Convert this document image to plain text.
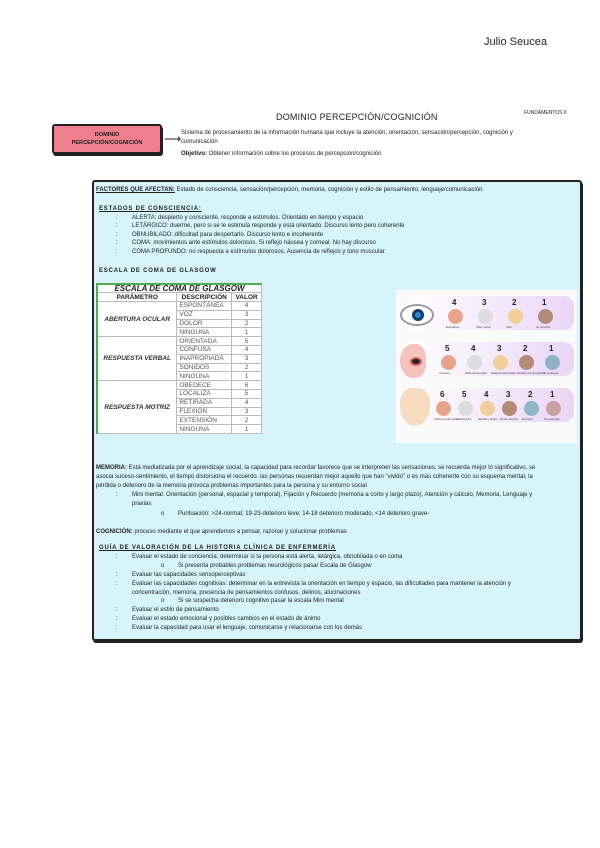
Julio Seucea
DOMINIO PERCEPCIÓN/COGNICIÓN	FUNDAMENTOS II
DOMINIO
PERCEPCIÓN/COGNICIÓN	⟶ Sistema de procesamiento de la información humana que incluye la atención, orientación, sensación/percepción, cognición y
comunicación
Objetivo: Obtener información sobre los procesos de percepción/cognición
FACTORES QUE AFECTAN: Estado de consciencia, sensación/percepción, memoria, cognición y estilo de pensamiento, lenguaje/comunicación
ESTADOS DE CONSCIENCIA:
: ALERTA: despierto y consciente, responde a estímulos. Orientado en tiempo y espacio
: LETÁRGICO: duerme, pero si se le estimula responde y está orientado. Discurso lento pero coherente
: OBNUBILADO: dificultad para despertarlo. Discurso lento e incoherente
: COMA: movimientos ante estímulos dolorosos. Si reflejo náusea y corneal. No hay discurso
: COMA PROFUNDO: no respuesta a estímulos dolorosos. Ausencia de reflejos y tono muscular
ESCALA DE COMA DE GLASGOW
ESCALA DE COMA DE GLASGOW		
PARÁMETRO	DESCRIPCIÓN	VALOR
ABERTURA OCULAR	ESPONTÁNEA	4
	VOZ	3
	DOLOR	2
	NINGUNA	1
RESPUESTA VERBAL	ORIENTADA	5
	CONFUSA	4
	INAPROPIADA	3
	SONIDOS	2
	NINGUNA	1
RESPUESTA MOTRIZ	OBEDECE	6
	LOCALIZA	5
	RETIRADA	4
	FLEXIÓN	3
	EXTENSIÓN	2
	NINGUNA	1
4
Espontánea
3
Orden verbal
2
Dolor
1
No responde
5
Conversa
4
Habla desorientado
3
Palabras inapropiadas
2
Sonidos incomprensibles
1
Sin respuesta
6
Obedece orden verbal
5
Localiza dolor
4
Retirada y flexión
3
Flexión anormal
2
Extensión
1
Sin respuesta
MEMORIA: Está mediatizada por el aprendizaje social, la capacidad para recordar favorece que se interpreten las sensaciones, se recuerda mejor lo significativo, se
asocia suceso-sentimiento, el tiempo distorsiona el recuerdo. las personas recuerdan mejor aquello que han "vivido" o es más coherente con su esquema mental, la
pérdida o deterioro de la memoria provoca problemas importantes para la persona y su entorno social
: Mini mental: Orientación (personal, espacial y temporal), Fijación y Recuerdo (memoria a corto y largo plazo), Atención y cálculo, Memoria, Lenguaje y
praxias
o Puntuación: >24-normal; 19-23-deterioro leve; 14-18 deterioro moderado, <14 deterioro grave-
COGNICIÓN: proceso mediante el que aprendemos a pensar, razonar y solucionar problemas
GUÍA DE VALORACIÓN DE LA HISTORIA CLÍNICA DE ENFERMERÍA
: Evaluar el estado de conciencia: determinar si la persona está alerta, letárgica, obnubilada o en coma
o Si presenta probables problemas neurológicos pasar Escala de Glasgow
: Evaluar las capacidades sensoperceptivas
: Evaluar las capacidades cognitivas: determinar en la entrevista la orientación en tiempo y espacio, las dificultades para mantener la atención y
concentración, memoria, presencia de pensamientos confusos, delirios, alucinaciones
o Si se sospecha deterioro cognitivo pasar la escala Mini mental
: Evaluar el estilo de pensamiento
: Evaluar el estado emocional y posibles cambios en el estado de ánimo
: Evaluar la capacidad para usar el lenguaje, comunicarse y relacionarse con los demás
